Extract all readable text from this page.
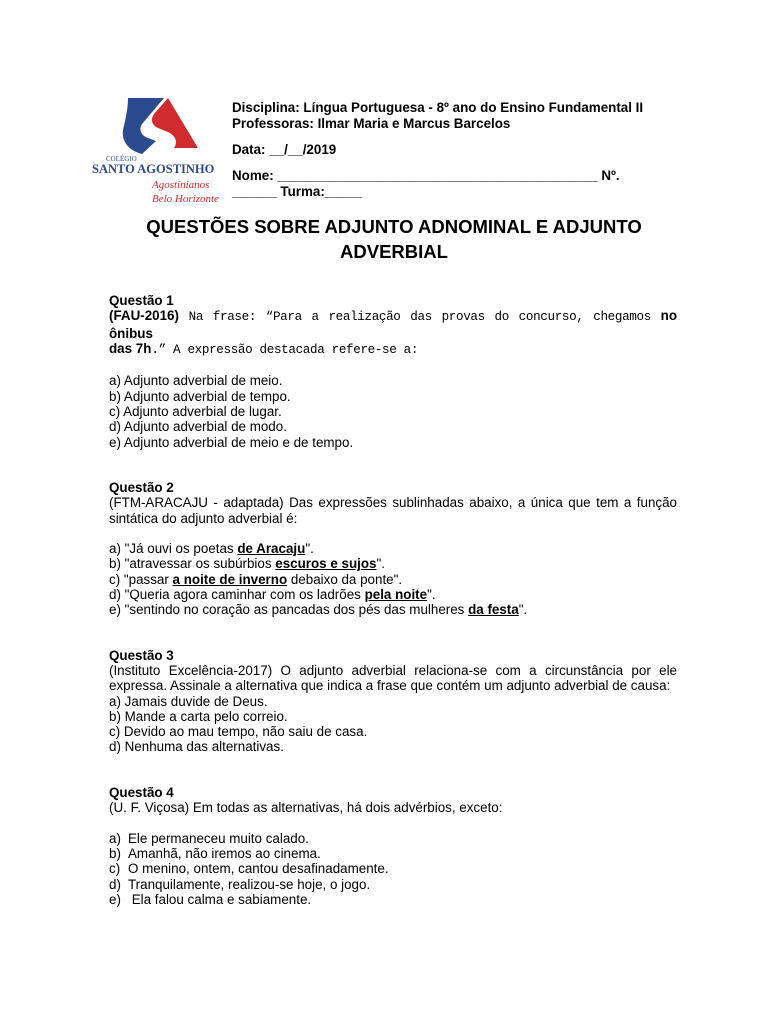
COLÉGIO
SANTO AGOSTINHO
Agostinianos
Belo Horizonte
Disciplina: Língua Portuguesa - 8º ano do Ensino Fundamental II
Professoras: Ilmar Maria e Marcus Barcelos
Data: __/__/2019
Nome: ___________________________________________ Nº.
______ Turma:_____
QUESTÕES SOBRE ADJUNTO ADNOMINAL E ADJUNTO
ADVERBIAL
Questão 1
(FAU-2016) Na frase: “Para a realização das provas do concurso, chegamos no ônibus
das 7h.” A expressão destacada refere-se a:
a) Adjunto adverbial de meio.
b) Adjunto adverbial de tempo.
c) Adjunto adverbial de lugar.
d) Adjunto adverbial de modo.
e) Adjunto adverbial de meio e de tempo.
Questão 2
(FTM-ARACAJU - adaptada) Das expressões sublinhadas abaixo, a única que tem a função sintática do adjunto adverbial é:
a) "Já ouvi os poetas de Aracaju".
b) "atravessar os subúrbios escuros e sujos".
c) "passar a noite de inverno debaixo da ponte".
d) "Queria agora caminhar com os ladrões pela noite".
e) "sentindo no coração as pancadas dos pés das mulheres da festa".
Questão 3
(Instituto Excelência-2017) O adjunto adverbial relaciona-se com a circunstância por ele expressa. Assinale a alternativa que indica a frase que contém um adjunto adverbial de causa:
a) Jamais duvide de Deus.
b) Mande a carta pelo correio.
c) Devido ao mau tempo, não saiu de casa.
d) Nenhuma das alternativas.
Questão 4
(U. F. Viçosa) Em todas as alternativas, há dois advérbios, exceto:
a) Ele permaneceu muito calado.
b) Amanhã, não iremos ao cinema.
c) O menino, ontem, cantou desafinadamente.
d) Tranquilamente, realizou-se hoje, o jogo.
e) Ela falou calma e sabiamente.
